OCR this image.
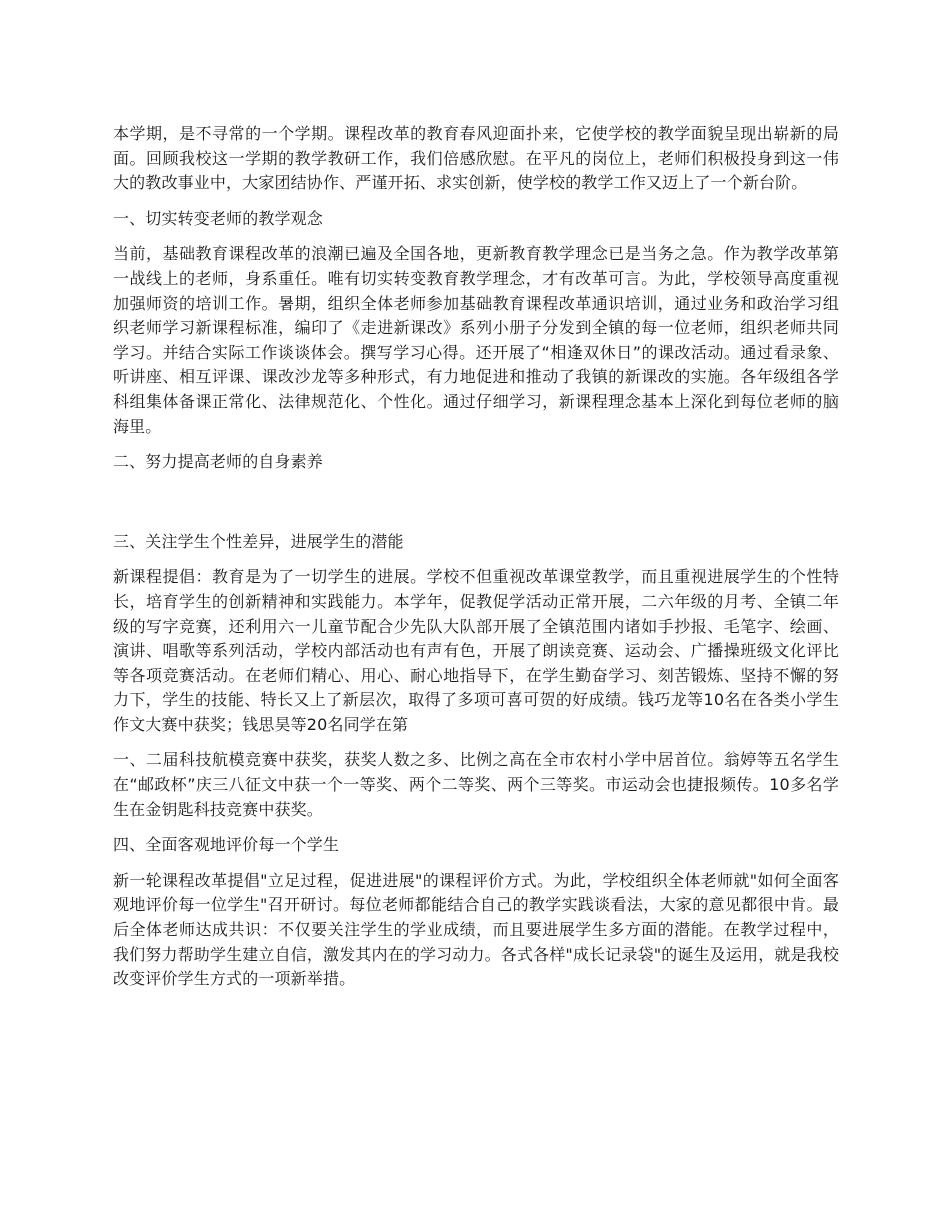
本学期，是不寻常的一个学期。课程改革的教育春风迎面扑来，它使学校的教学面貌呈现出崭新的局面。回顾我校这一学期的教学教研工作，我们倍感欣慰。在平凡的岗位上，老师们积极投身到这一伟大的教改事业中，大家团结协作、严谨开拓、求实创新，使学校的教学工作又迈上了一个新台阶。

一、切实转变老师的教学观念

当前，基础教育课程改革的浪潮已遍及全国各地，更新教育教学理念已是当务之急。作为教学改革第一战线上的老师，身系重任。唯有切实转变教育教学理念，才有改革可言。为此，学校领导高度重视加强师资的培训工作。暑期，组织全体老师参加基础教育课程改革通识培训，通过业务和政治学习组织老师学习新课程标准，编印了《走进新课改》系列小册子分发到全镇的每一位老师，组织老师共同学习。并结合实际工作谈谈体会。撰写学习心得。还开展了“相逢双休日”的课改活动。通过看录象、听讲座、相互评课、课改沙龙等多种形式，有力地促进和推动了我镇的新课改的实施。各年级组各学科组集体备课正常化、法律规范化、个性化。通过仔细学习，新课程理念基本上深化到每位老师的脑海里。

二、努力提高老师的自身素养

三、关注学生个性差异，进展学生的潜能

新课程提倡：教育是为了一切学生的进展。学校不但重视改革课堂教学，而且重视进展学生的个性特长，培育学生的创新精神和实践能力。本学年，促教促学活动正常开展，二六年级的月考、全镇二年级的写字竞赛，还利用六一儿童节配合少先队大队部开展了全镇范围内诸如手抄报、毛笔字、绘画、演讲、唱歌等系列活动，学校内部活动也有声有色，开展了朗读竞赛、运动会、广播操班级文化评比等各项竞赛活动。在老师们精心、用心、耐心地指导下，在学生勤奋学习、刻苦锻炼、坚持不懈的努力下，学生的技能、特长又上了新层次，取得了多项可喜可贺的好成绩。钱巧龙等10名在各类小学生作文大赛中获奖；钱思昊等20名同学在第

一、二届科技航模竞赛中获奖，获奖人数之多、比例之高在全市农村小学中居首位。翁婷等五名学生在“邮政杯”庆三八征文中获一个一等奖、两个二等奖、两个三等奖。市运动会也捷报频传。10多名学生在金钥匙科技竞赛中获奖。

四、全面客观地评价每一个学生

新一轮课程改革提倡"立足过程，促进进展"的课程评价方式。为此，学校组织全体老师就"如何全面客观地评价每一位学生"召开研讨。每位老师都能结合自己的教学实践谈看法，大家的意见都很中肯。最后全体老师达成共识：不仅要关注学生的学业成绩，而且要进展学生多方面的潜能。在教学过程中，我们努力帮助学生建立自信，激发其内在的学习动力。各式各样"成长记录袋"的诞生及运用，就是我校改变评价学生方式的一项新举措。
